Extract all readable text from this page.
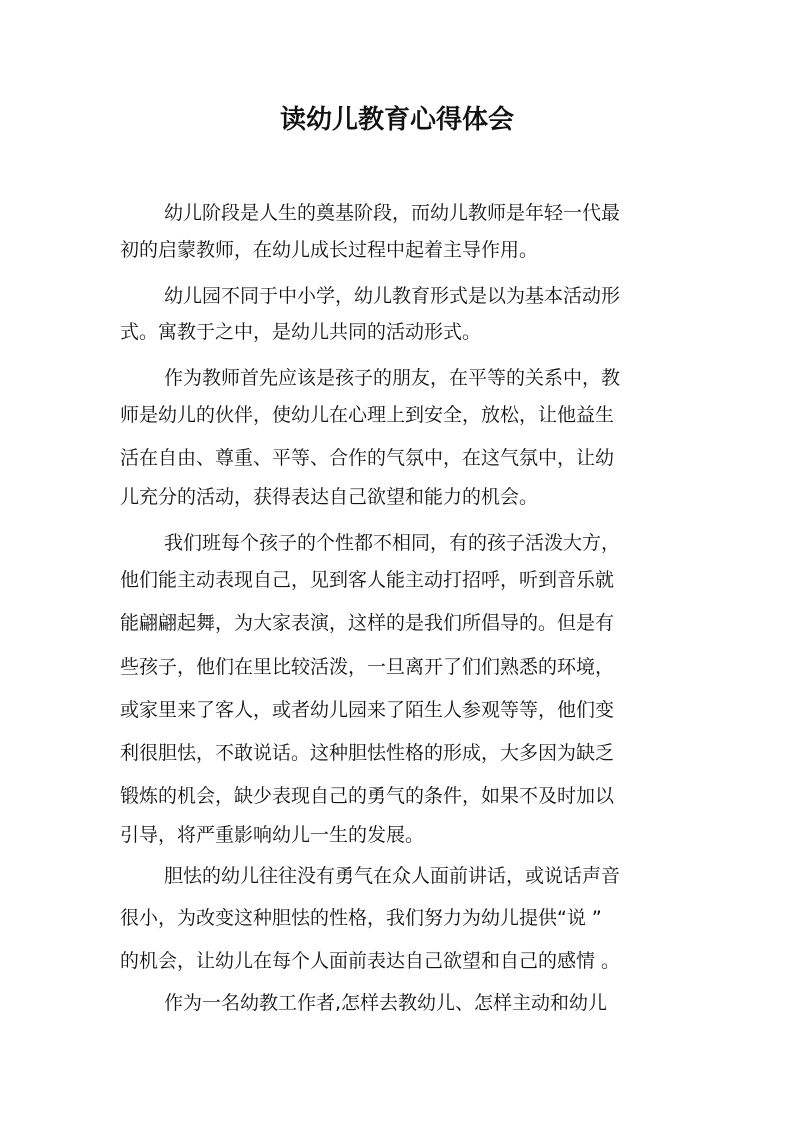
读幼儿教育心得体会
幼儿阶段是人生的奠基阶段，而幼儿教师是年轻一代最
初的启蒙教师，在幼儿成长过程中起着主导作用。
幼儿园不同于中小学，幼儿教育形式是以为基本活动形
式。寓教于之中，是幼儿共同的活动形式。
作为教师首先应该是孩子的朋友，在平等的关系中，教
师是幼儿的伙伴，使幼儿在心理上到安全，放松，让他益生
活在自由、尊重、平等、合作的气氛中，在这气氛中，让幼
儿充分的活动，获得表达自己欲望和能力的机会。
我们班每个孩子的个性都不相同，有的孩子活泼大方，
他们能主动表现自己，见到客人能主动打招呼，听到音乐就
能翩翩起舞，为大家表演，这样的是我们所倡导的。但是有
些孩子，他们在里比较活泼，一旦离开了们们熟悉的环境，
或家里来了客人，或者幼儿园来了陌生人参观等等，他们变
利很胆怯，不敢说话。这种胆怯性格的形成，大多因为缺乏
锻炼的机会，缺少表现自己的勇气的条件，如果不及时加以
引导，将严重影响幼儿一生的发展。
胆怯的幼儿往往没有勇气在众人面前讲话，或说话声音
很小，为改变这种胆怯的性格，我们努力为幼儿提供“说 ”
的机会，让幼儿在每个人面前表达自己欲望和自己的感情 。
作为一名幼教工作者,怎样去教幼儿、怎样主动和幼儿
